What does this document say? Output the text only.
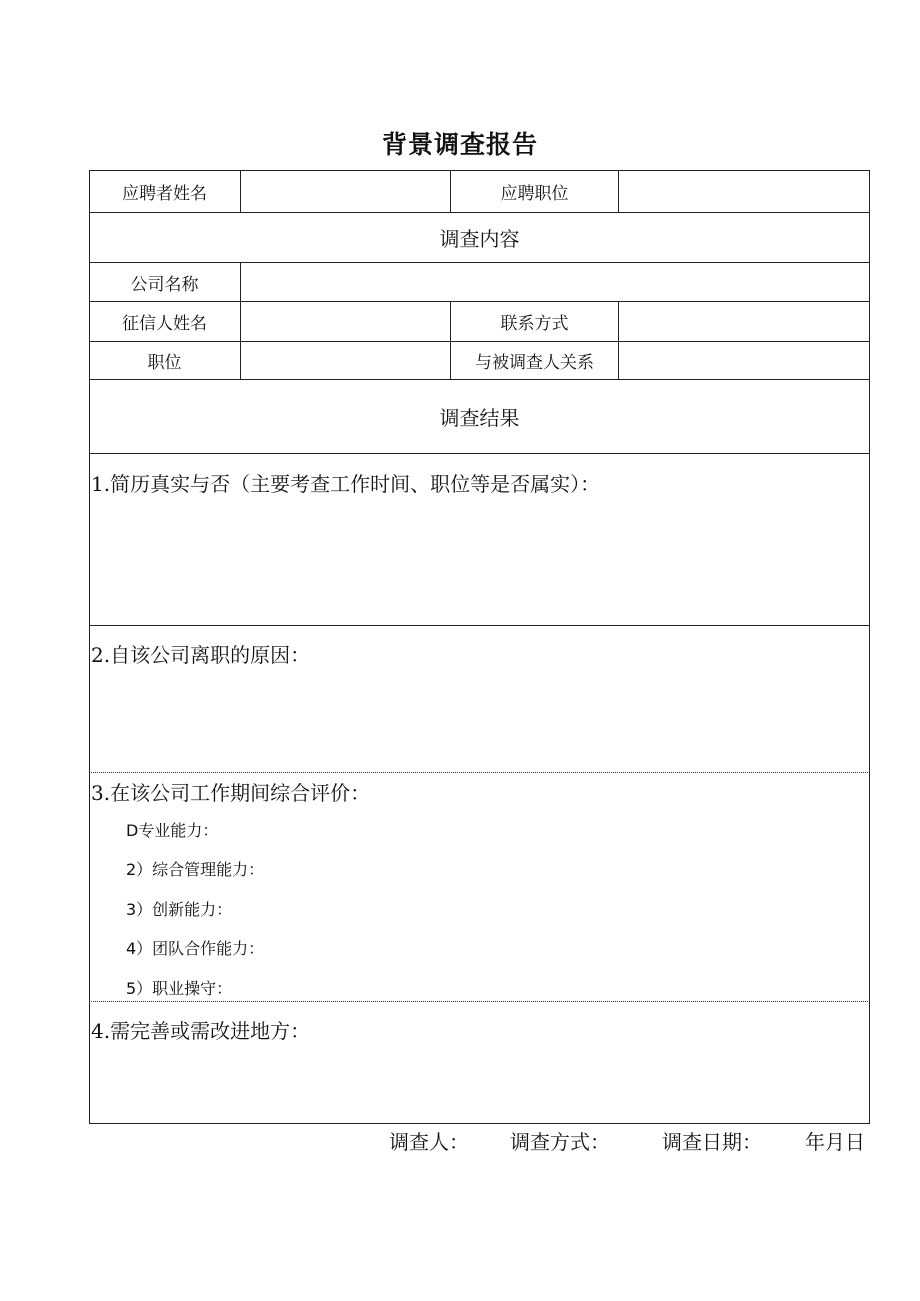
背景调查报告
应聘者姓名	应聘职位
调查内容
公司名称
征信人姓名	联系方式
职位	与被调查人关系
调查结果
1.简历真实与否（主要考查工作时间、职位等是否属实）：
2.自该公司离职的原因：
3.在该公司工作期间综合评价：
D专业能力：
2）综合管理能力：
3）创新能力：
4）团队合作能力：
5）职业操守：
4.需完善或需改进地方：
调查人： 调查方式：	调查日期： 年月日
